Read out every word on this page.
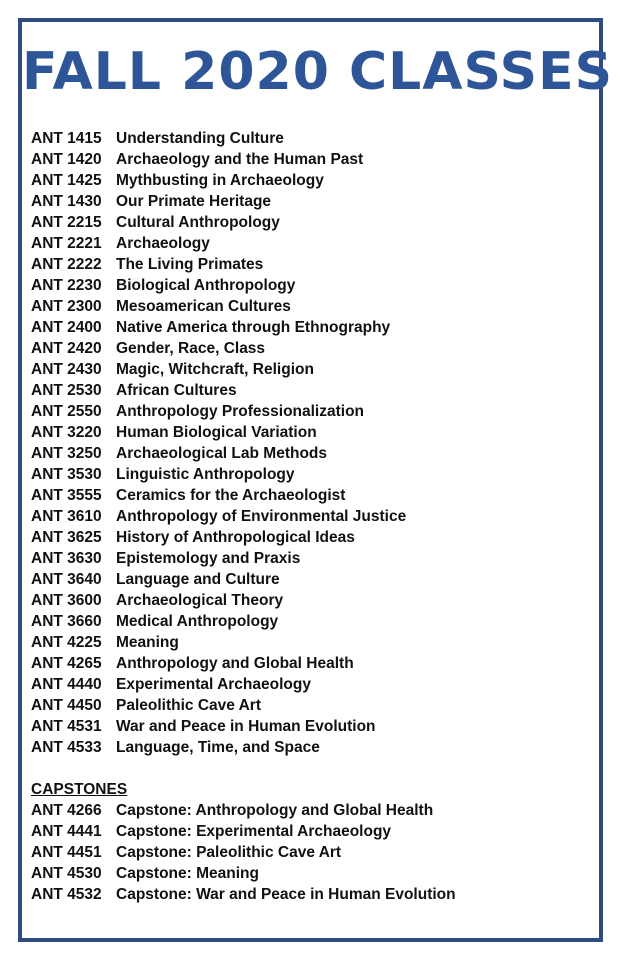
FALL 2020 CLASSES
ANT 1415 Understanding Culture
ANT 1420 Archaeology and the Human Past
ANT 1425 Mythbusting in Archaeology
ANT 1430 Our Primate Heritage
ANT 2215 Cultural Anthropology
ANT 2221 Archaeology
ANT 2222 The Living Primates
ANT 2230 Biological Anthropology
ANT 2300 Mesoamerican Cultures
ANT 2400 Native America through Ethnography
ANT 2420 Gender, Race, Class
ANT 2430 Magic, Witchcraft, Religion
ANT 2530 African Cultures
ANT 2550 Anthropology Professionalization
ANT 3220 Human Biological Variation
ANT 3250 Archaeological Lab Methods
ANT 3530 Linguistic Anthropology
ANT 3555 Ceramics for the Archaeologist
ANT 3610 Anthropology of Environmental Justice
ANT 3625 History of Anthropological Ideas
ANT 3630 Epistemology and Praxis
ANT 3640 Language and Culture
ANT 3600 Archaeological Theory
ANT 3660 Medical Anthropology
ANT 4225 Meaning
ANT 4265 Anthropology and Global Health
ANT 4440 Experimental Archaeology
ANT 4450 Paleolithic Cave Art
ANT 4531 War and Peace in Human Evolution
ANT 4533 Language, Time, and Space
CAPSTONES
ANT 4266 Capstone: Anthropology and Global Health
ANT 4441 Capstone: Experimental Archaeology
ANT 4451 Capstone: Paleolithic Cave Art
ANT 4530 Capstone: Meaning
ANT 4532 Capstone: War and Peace in Human Evolution
